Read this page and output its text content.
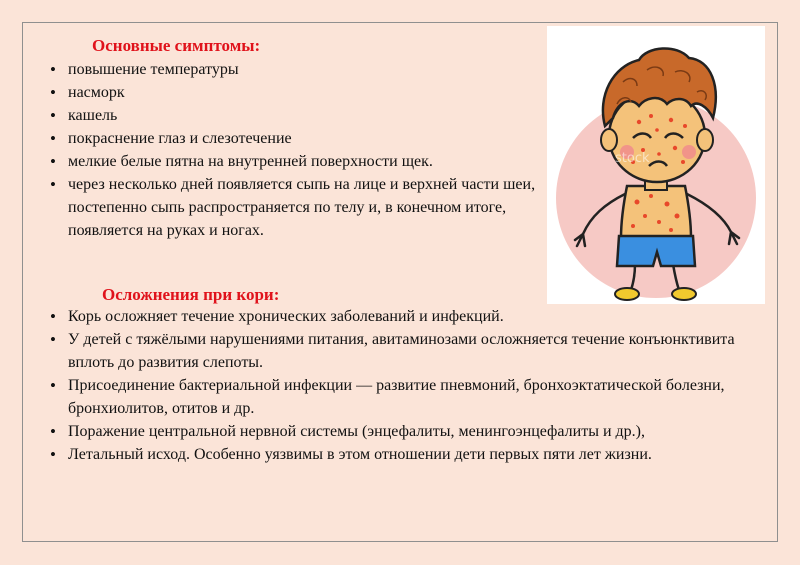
Основные симптомы:
• повышение температуры
• насморк
• кашель
• покраснение глаз и слезотечение
• мелкие белые пятна на внутренней поверхности щек.
• через несколько дней появляется сыпь на лице и верхней части шеи, постепенно сыпь распространяется по телу и, в конечном итоге, появляется на руках и ногах.
Осложнения при кори:
• Корь осложняет течение хронических заболеваний и инфекций.
• У детей с тяжёлыми нарушениями питания, авитаминозами осложняется течение конъюнктивита вплоть до развития слепоты.
• Присоединение бактериальной инфекции — развитие пневмоний, бронхоэктатической болезни, бронхиолитов, отитов и др.
• Поражение центральной нервной системы (энцефалиты, менингоэнцефалиты и др.),
• Летальный исход. Особенно уязвимы в этом отношении дети первых пяти лет жизни.
stock
